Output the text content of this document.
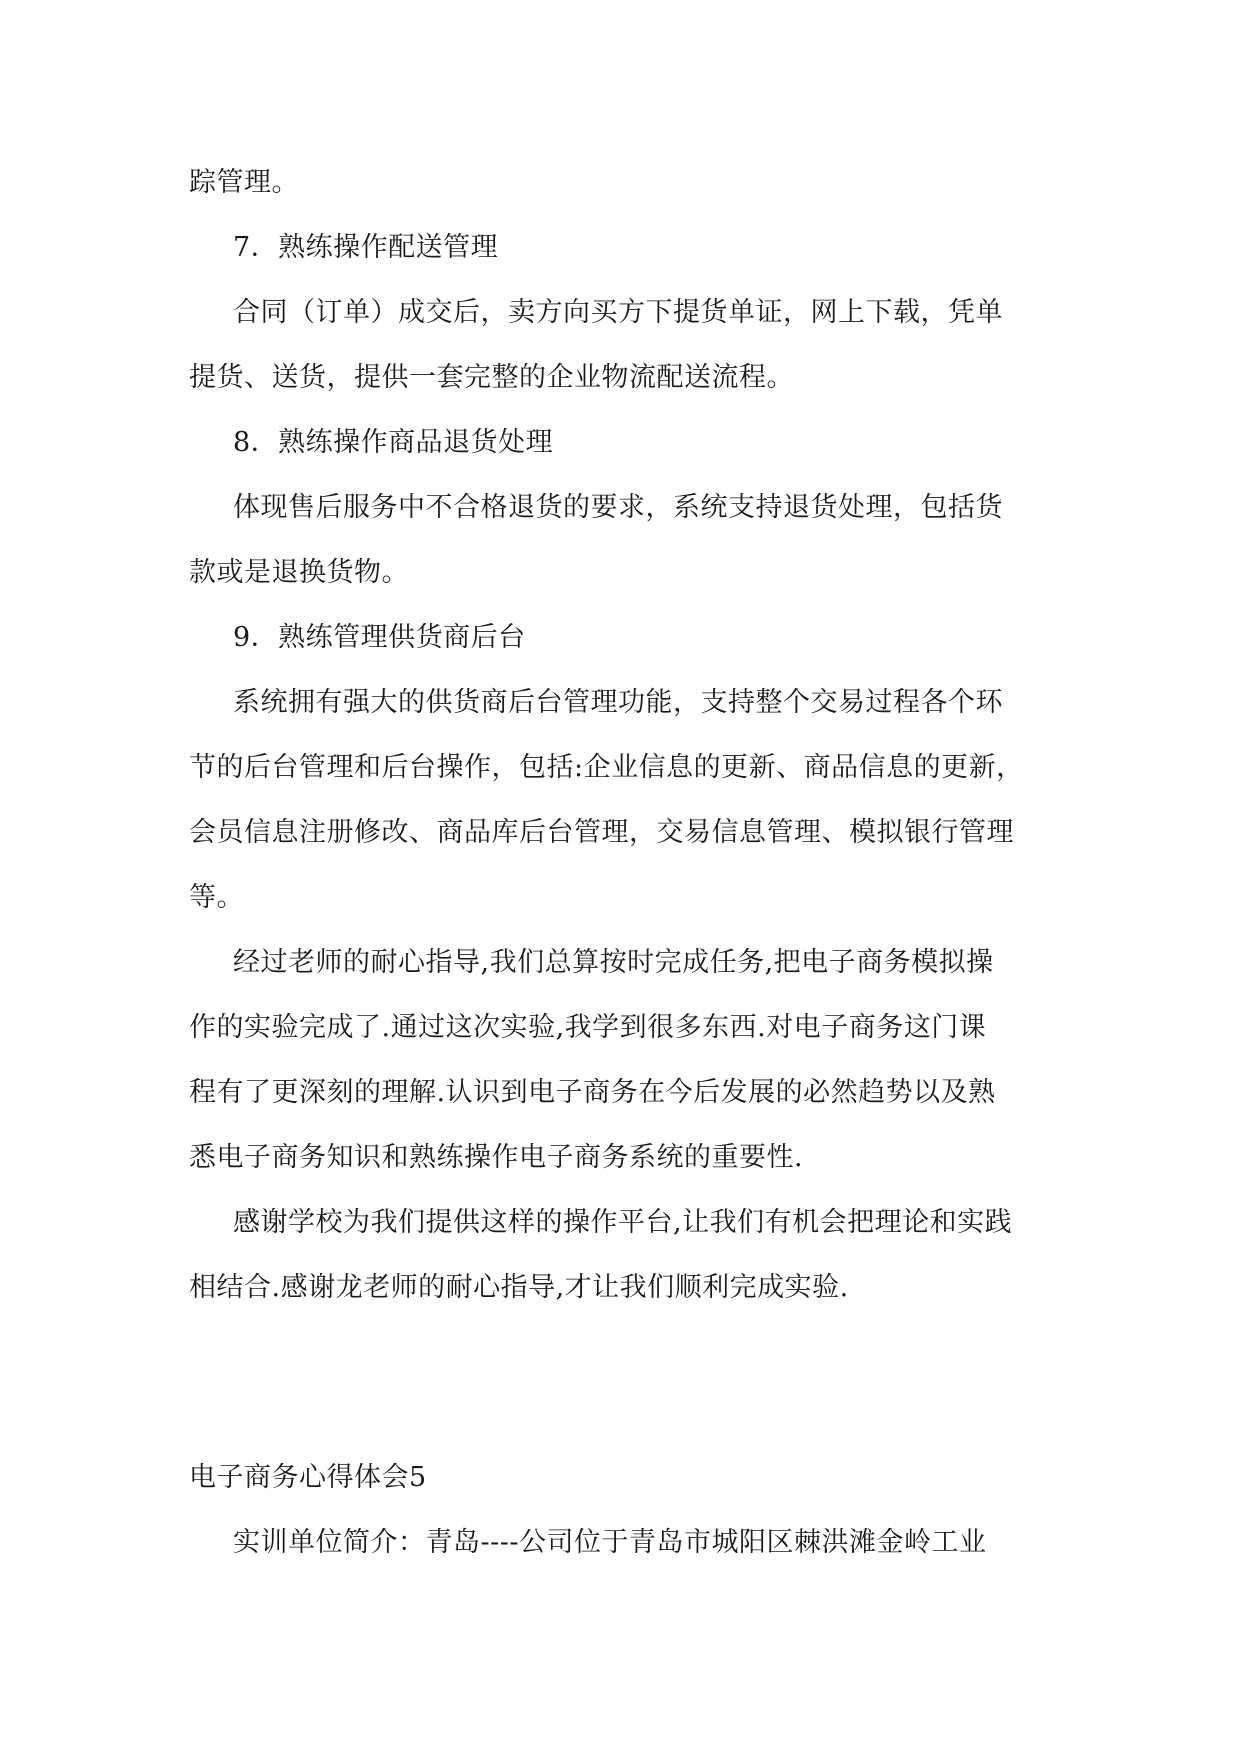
踪管理。
7．熟练操作配送管理
合同（订单）成交后，卖方向买方下提货单证，网上下载，凭单
提货、送货，提供一套完整的企业物流配送流程。
8．熟练操作商品退货处理
体现售后服务中不合格退货的要求，系统支持退货处理，包括货
款或是退换货物。
9．熟练管理供货商后台
系统拥有强大的供货商后台管理功能，支持整个交易过程各个环
节的后台管理和后台操作，包括:企业信息的更新、商品信息的更新，
会员信息注册修改、商品库后台管理，交易信息管理、模拟银行管理
等。
经过老师的耐心指导,我们总算按时完成任务,把电子商务模拟操
作的实验完成了.通过这次实验,我学到很多东西.对电子商务这门课
程有了更深刻的理解.认识到电子商务在今后发展的必然趋势以及熟
悉电子商务知识和熟练操作电子商务系统的重要性.
感谢学校为我们提供这样的操作平台,让我们有机会把理论和实践
相结合.感谢龙老师的耐心指导,才让我们顺利完成实验.
电子商务心得体会5
实训单位简介：青岛----公司位于青岛市城阳区棘洪滩金岭工业
